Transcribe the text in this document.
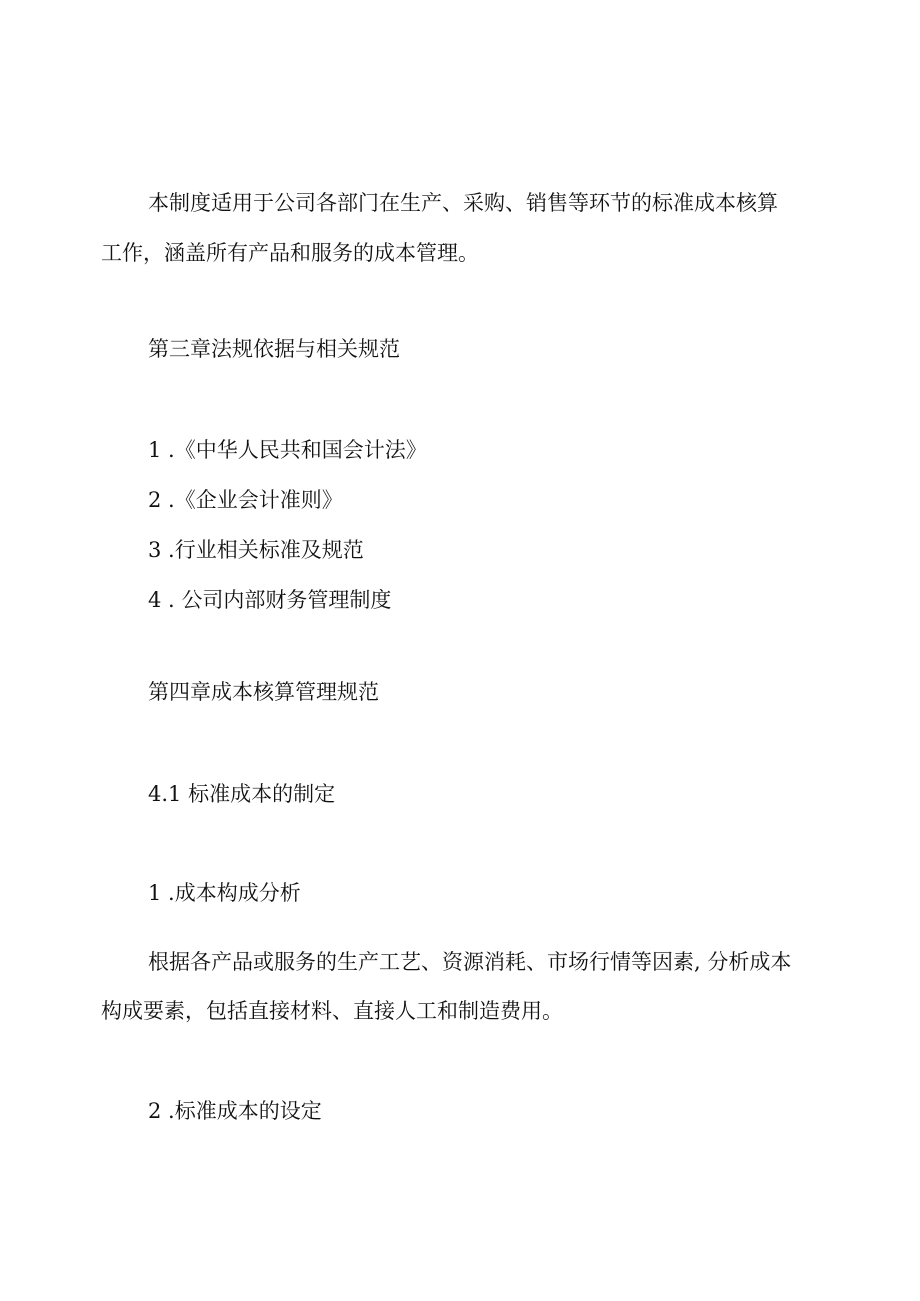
本制度适用于公司各部门在生产、采购、销售等环节的标准成本核算
工作，涵盖所有产品和服务的成本管理。
第三章法规依据与相关规范
1 .《中华人民共和国会计法》
2 .《企业会计准则》
3 .行业相关标准及规范
4 . 公司内部财务管理制度
第四章成本核算管理规范
4.1 标准成本的制定
1 .成本构成分析
根据各产品或服务的生产工艺、资源消耗、市场行情等因素, 分析成本
构成要素，包括直接材料、直接人工和制造费用。
2 .标准成本的设定
